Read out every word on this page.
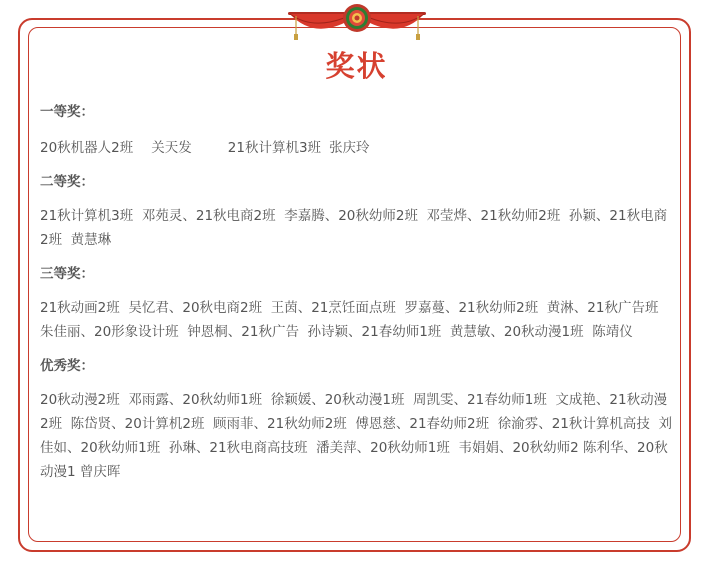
奖状
一等奖：
20秋机器人2班 关天发	21秋计算机3班 张庆玲
二等奖：
21秋计算机3班  邓苑灵、21秋电商2班  李嘉腾、20秋幼师2班  邓莹烨、21秋幼师2班  孙颖、21秋电商2班  黄慧琳
三等奖：
21秋动画2班  吴忆君、20秋电商2班  王茵、21烹饪面点班  罗嘉蔓、21秋幼师2班  黄淋、21秋广告班  朱佳丽、20形象设计班  钟恩桐、21秋广告  孙诗颖、21春幼师1班  黄慧敏、20秋动漫1班  陈靖仪
优秀奖：
20秋动漫2班  邓雨露、20秋幼师1班  徐颖媛、20秋动漫1班  周凯雯、21春幼师1班  文成艳、21秋动漫2班  陈岱贤、20计算机2班  顾雨菲、21秋幼师2班  傅恩慈、21春幼师2班  徐渝雰、21秋计算机高技  刘佳如、20秋幼师1班  孙琳、21秋电商高技班  潘美萍、20秋幼师1班  韦娟娟、20秋幼师2 陈利华、20秋动漫1 曾庆晖
